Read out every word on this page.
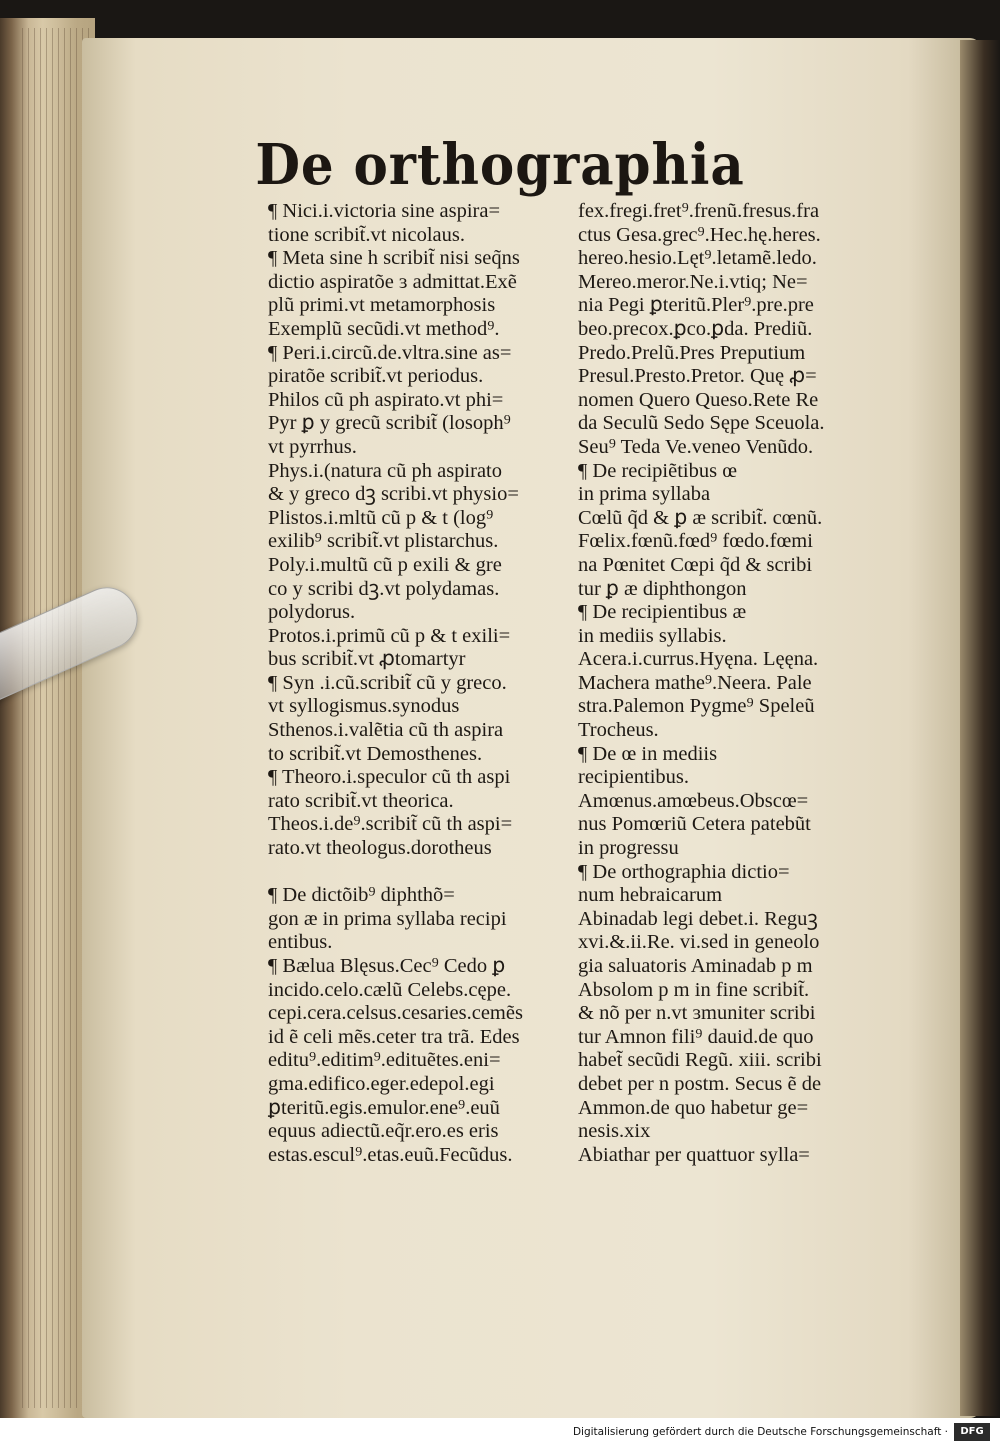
De orthographia
¶ Nici.i.victoria sine aspira=
tione scribit̃.vt nicolaus.
¶ Meta sine h scribit̃ nisi seq̃ns
dictio aspiratõe ɜ admittat.Exẽ
plũ primi.vt metamorphosis
Exemplũ secũdi.vt method⁹.
¶ Peri.i.circũ.de.vltra.sine as=
piratõe scribit̃.vt periodus.
Philos cũ ph aspirato.vt phi=
Pyr ꝑ y grecũ scribit̃ (losoph⁹
vt pyrrhus.
Phys.i.(natura cũ ph aspirato
& y greco dꝫ scribi.vt physio=
Plistos.i.mltũ cũ p & t (log⁹
exilib⁹ scribit̃.vt plistarchus.
Poly.i.multũ cũ p exili & gre
co y scribi dꝫ.vt polydamas.
polydorus.
Protos.i.primũ cũ p & t exili=
bus scribit̃.vt ꝓtomartyr
¶ Syn .i.cũ.scribit̃ cũ y greco.
vt syllogismus.synodus
Sthenos.i.valẽtia cũ th aspira
to scribit̃.vt Demosthenes.
¶ Theoro.i.speculor cũ th aspi
rato scribit̃.vt theorica.
Theos.i.de⁹.scribit̃ cũ th aspi=
rato.vt theologus.dorotheus
¶ De dictõib⁹ diphthõ=
gon æ in prima syllaba recipi
entibus.
¶ Bælua Blęsus.Cec⁹ Cedo ꝑ
incido.celo.cælũ Celebs.cępe.
cepi.cera.celsus.cesaries.cemẽs
id ẽ celi mẽs.ceter tra trã. Edes
editu⁹.editim⁹.edituẽtes.eni=
gma.edifico.eger.edepol.egi
ꝑteritũ.egis.emulor.ene⁹.euũ
equus adiectũ.eq̃r.ero.es eris
estas.escul⁹.etas.euũ.Fecũdus.
fex.fregi.fret⁹.frenũ.fresus.fra
ctus Gesa.grec⁹.Hec.hę.heres.
hereo.hesio.Lęt⁹.letamẽ.ledo.
Mereo.meror.Ne.i.vtiq; Ne=
nia Pegi ꝑteritũ.Pler⁹.pre.pre
beo.precox.ꝑco.ꝑda. Prediũ.
Predo.Prelũ.Pres Preputium
Presul.Presto.Pretor. Quę ꝓ=
nomen Quero Queso.Rete Re
da Seculũ Sedo Sępe Sceuola.
Seu⁹ Teda Ve.veneo Venũdo.
¶ De recipiẽtibus œ
in prima syllaba
Cœlũ q̃d & ꝑ æ scribit̃. cœnũ.
Fœlix.fœnũ.fœd⁹ fœdo.fœmi
na Pœnitet Cœpi q̃d & scribi
tur ꝑ æ diphthongon
¶ De recipientibus æ
in mediis syllabis.
Acera.i.currus.Hyęna. Lęęna.
Machera mathe⁹.Neera. Pale
stra.Palemon Pygme⁹ Speleũ
Trocheus.
¶ De œ in mediis
recipientibus.
Amœnus.amœbeus.Obscœ=
nus Pomœriũ Cetera patebũt
in progressu
¶ De orthographia dictio=
num hebraicarum
Abinadab legi debet.i. Reguꝫ
xvi.&.ii.Re. vi.sed in geneolo
gia saluatoris Aminadab p m
Absolom p m in fine scribit̃.
& nõ per n.vt ɜmuniter scribi
tur Amnon fili⁹ dauid.de quo
habet̃ secũdi Regũ. xiii. scribi
debet per n postm. Secus ẽ de
Ammon.de quo habetur ge=
nesis.xix
Abiathar per quattuor sylla=
Digitalisierung gefördert durch die Deutsche Forschungsgemeinschaft ·	DFG
